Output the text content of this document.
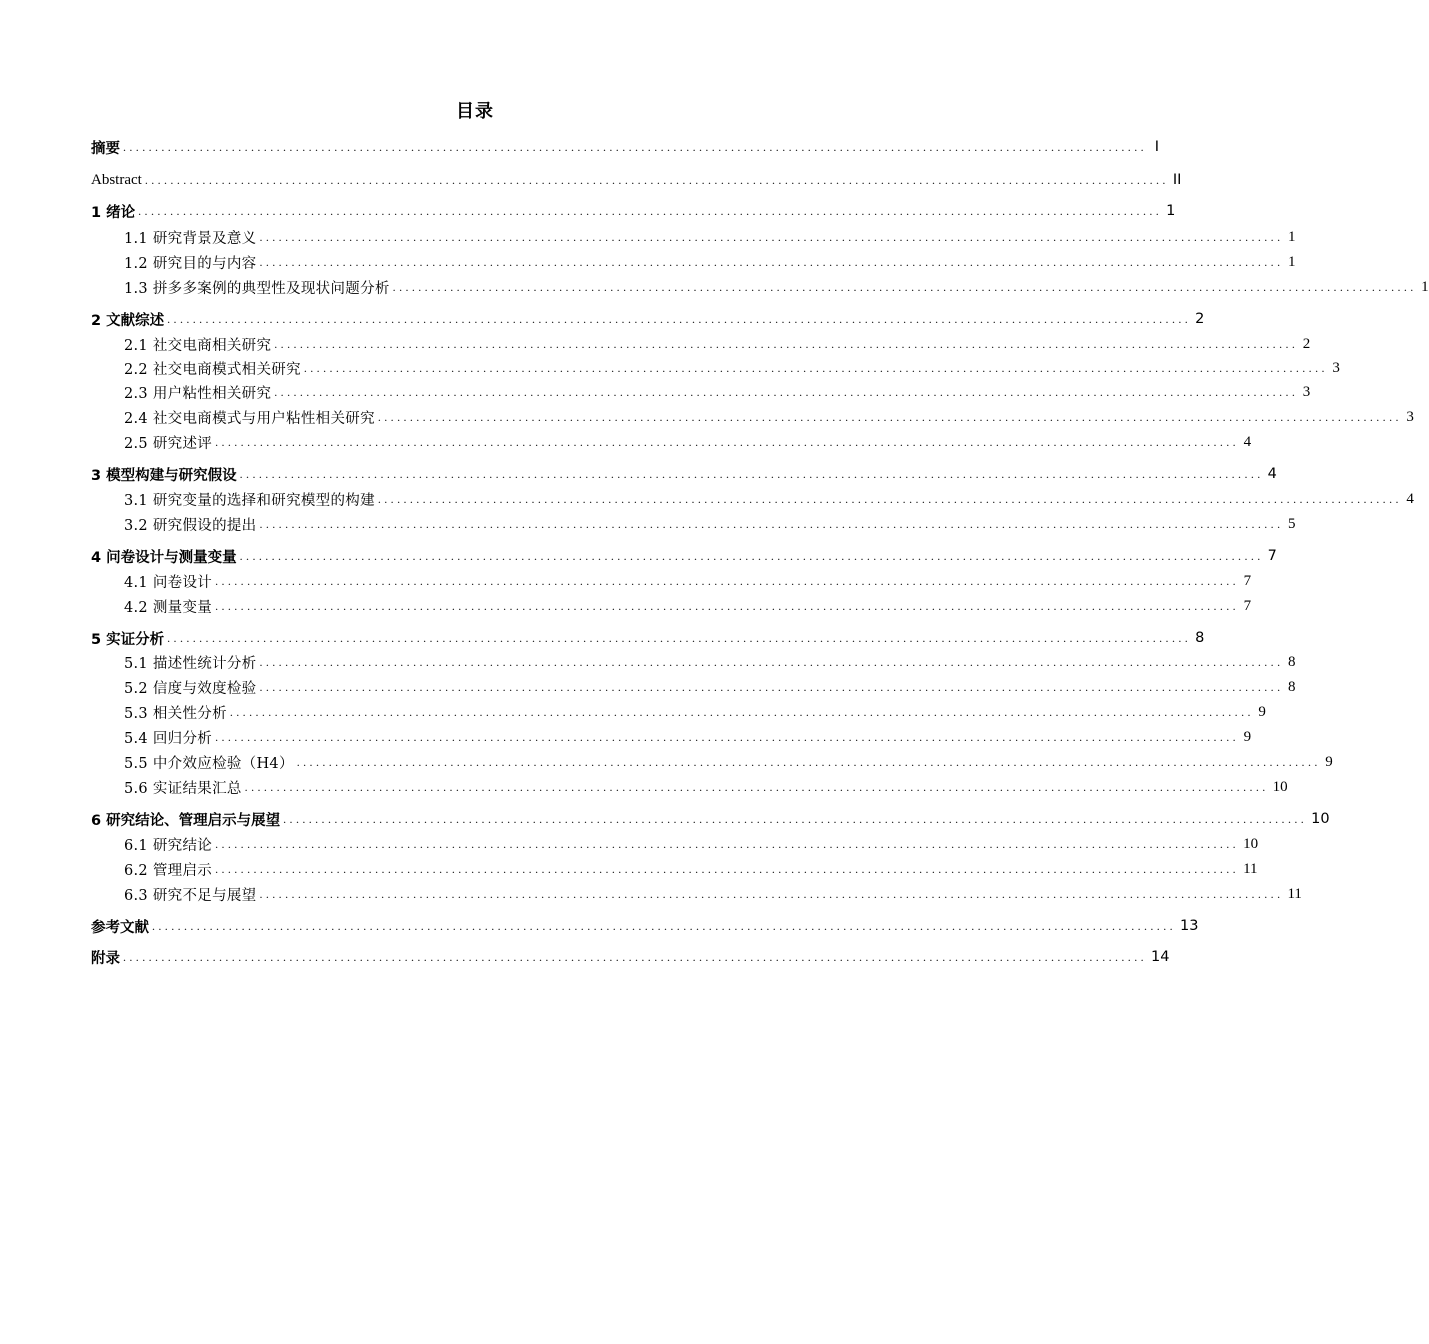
目录
摘要 ................................................................................................................................................................ I
Abstract ................................................................................................................................................................ II
1 绪论 ................................................................................................................................................................ 1
1.1 研究背景及意义 ................................................................................................................................................................ 1
1.2 研究目的与内容 ................................................................................................................................................................ 1
1.3 拼多多案例的典型性及现状问题分析 ................................................................................................................................................................ 1
2 文献综述 ................................................................................................................................................................ 2
2.1 社交电商相关研究 ................................................................................................................................................................ 2
2.2 社交电商模式相关研究 ................................................................................................................................................................ 3
2.3 用户粘性相关研究 ................................................................................................................................................................ 3
2.4 社交电商模式与用户粘性相关研究 ................................................................................................................................................................ 3
2.5 研究述评 ................................................................................................................................................................ 4
3 模型构建与研究假设 ................................................................................................................................................................ 4
3.1 研究变量的选择和研究模型的构建 ................................................................................................................................................................ 4
3.2 研究假设的提出 ................................................................................................................................................................ 5
4 问卷设计与测量变量 ................................................................................................................................................................ 7
4.1 问卷设计 ................................................................................................................................................................ 7
4.2 测量变量 ................................................................................................................................................................ 7
5 实证分析 ................................................................................................................................................................ 8
5.1 描述性统计分析 ................................................................................................................................................................ 8
5.2 信度与效度检验 ................................................................................................................................................................ 8
5.3 相关性分析 ................................................................................................................................................................ 9
5.4 回归分析 ................................................................................................................................................................ 9
5.5 中介效应检验（H4） ................................................................................................................................................................ 9
5.6 实证结果汇总 ................................................................................................................................................................ 10
6 研究结论、管理启示与展望 ................................................................................................................................................................ 10
6.1 研究结论 ................................................................................................................................................................ 10
6.2 管理启示 ................................................................................................................................................................ 11
6.3 研究不足与展望 ................................................................................................................................................................ 11
参考文献 ................................................................................................................................................................ 13
附录 ................................................................................................................................................................ 14
